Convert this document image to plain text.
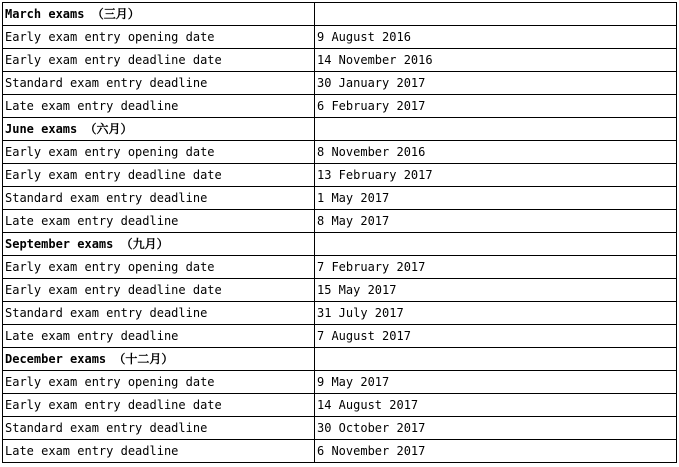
March exams （三月）	
Early exam entry opening date	9 August 2016
Early exam entry deadline date	14 November 2016
Standard exam entry deadline	30 January 2017
Late exam entry deadline	6 February 2017
June exams （六月）	
Early exam entry opening date	8 November 2016
Early exam entry deadline date	13 February 2017
Standard exam entry deadline	1 May 2017
Late exam entry deadline	8 May 2017
September exams （九月）	
Early exam entry opening date	7 February 2017
Early exam entry deadline date	15 May 2017
Standard exam entry deadline	31 July 2017
Late exam entry deadline	7 August 2017
December exams （十二月）	
Early exam entry opening date	9 May 2017
Early exam entry deadline date	14 August 2017
Standard exam entry deadline	30 October 2017
Late exam entry deadline	6 November 2017
